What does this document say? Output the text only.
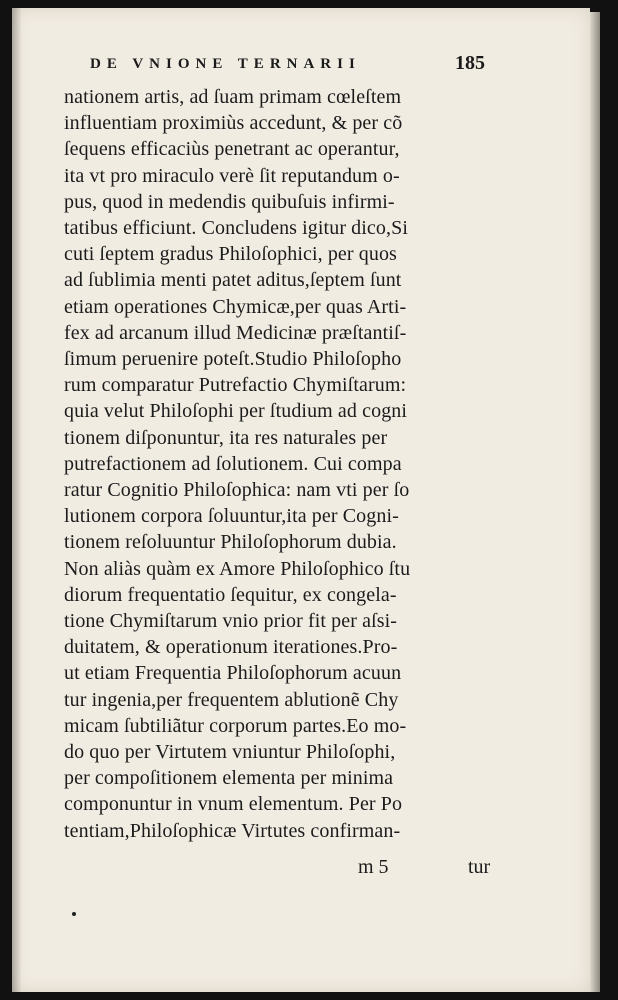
DE VNIONE TERNARII	185
nationem artis, ad ſuam primam cœleſtem
influentiam proximiùs accedunt, & per cõ
ſequens efficaciùs penetrant ac operantur,
ita vt pro miraculo verè ſit reputandum o-
pus, quod in medendis quibuſuis infirmi-
tatibus efficiunt. Concludens igitur dico,Si
cuti ſeptem gradus Philoſophici, per quos
ad ſublimia menti patet aditus,ſeptem ſunt
etiam operationes Chymicæ,per quas Arti-
fex ad arcanum illud Medicinæ præſtantiſ-
ſimum peruenire poteſt.Studio Philoſopho
rum comparatur Putrefactio Chymiſtarum:
quia velut Philoſophi per ſtudium ad cogni
tionem diſponuntur, ita res naturales per
putrefactionem ad ſolutionem. Cui compa
ratur Cognitio Philoſophica: nam vti per ſo
lutionem corpora ſoluuntur,ita per Cogni-
tionem reſoluuntur Philoſophorum dubia.
Non aliàs quàm ex Amore Philoſophico ſtu
diorum frequentatio ſequitur, ex congela-
tione Chymiſtarum vnio prior fit per aſsi-
duitatem, & operationum iterationes.Pro-
ut etiam Frequentia Philoſophorum acuun
tur ingenia,per frequentem ablutionẽ Chy
micam ſubtiliãtur corporum partes.Eo mo-
do quo per Virtutem vniuntur Philoſophi,
per compoſitionem elementa per minima
componuntur in vnum elementum. Per Po
tentiam,Philoſophicæ Virtutes confirman-
m 5	tur
